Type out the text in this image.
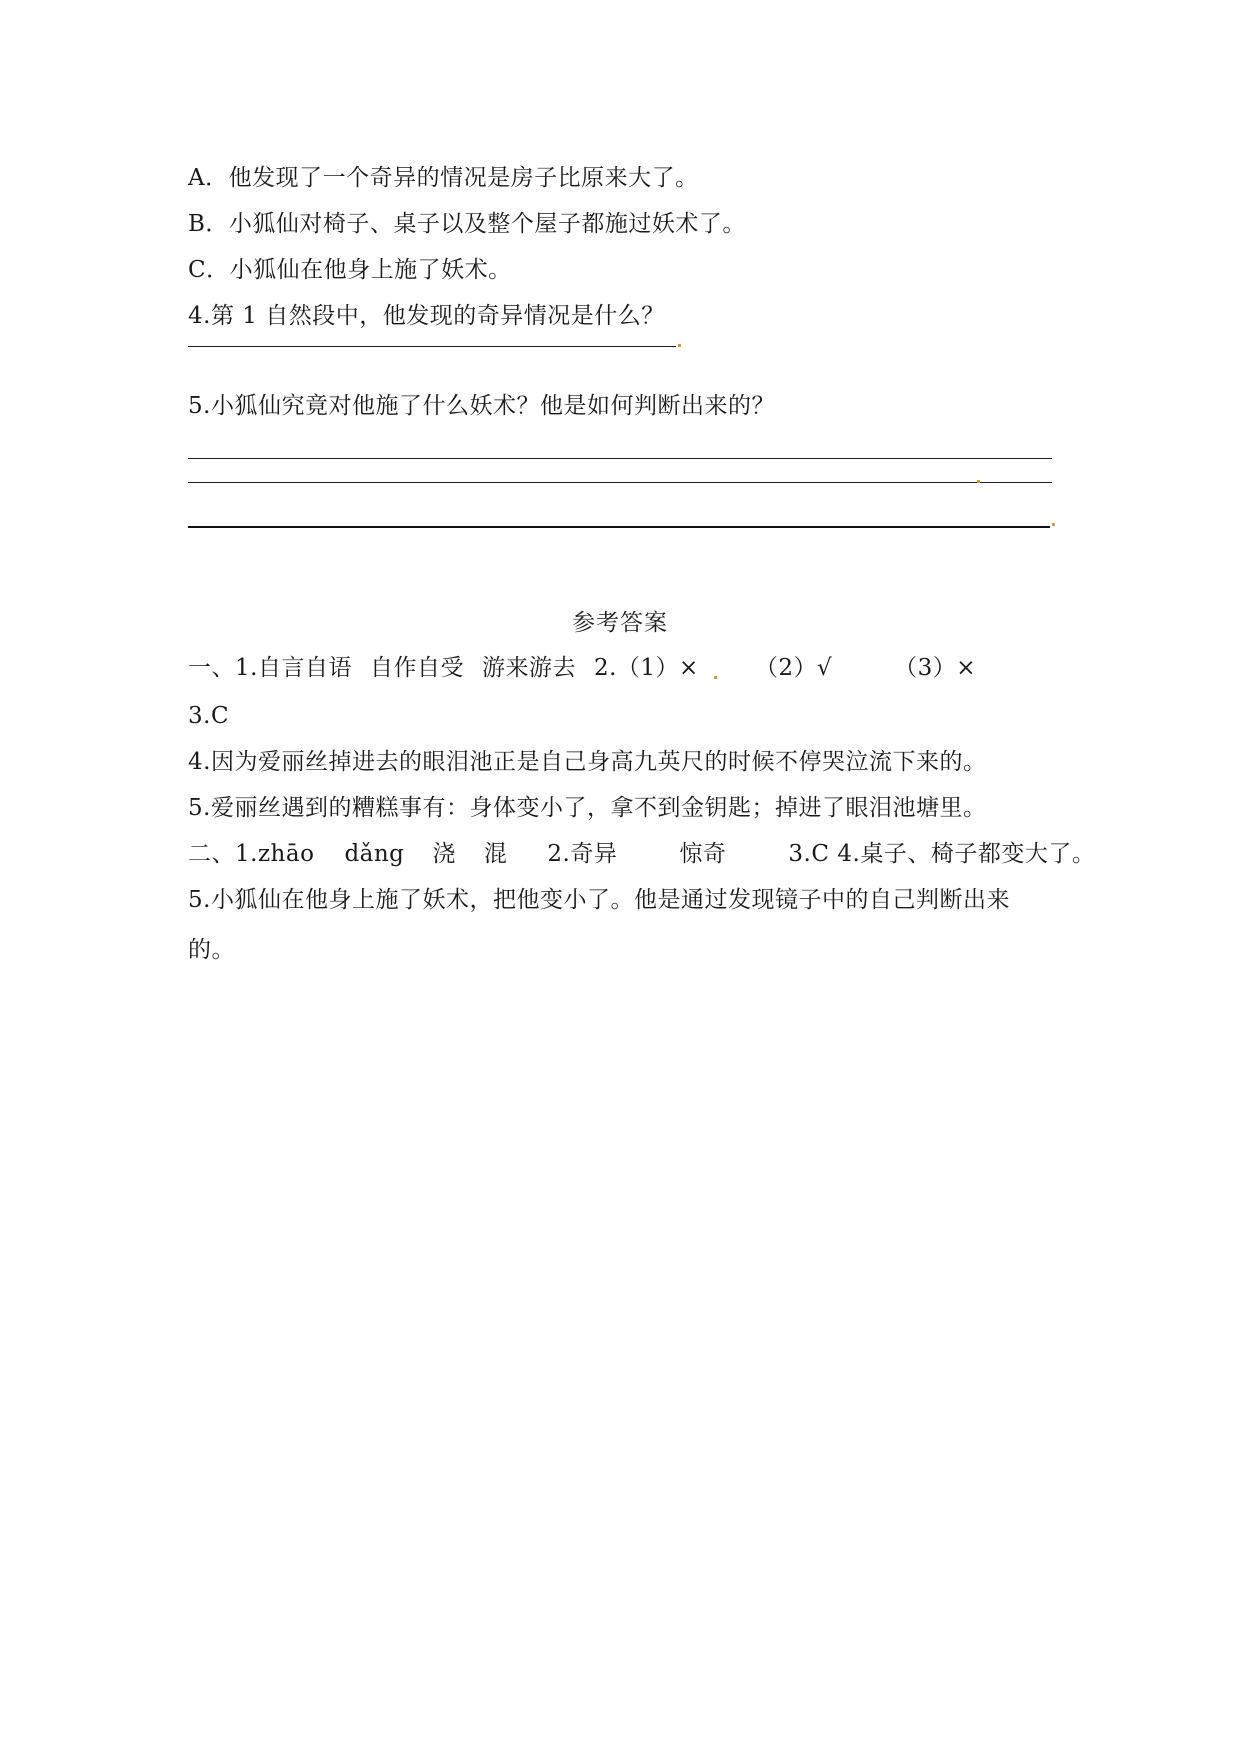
A．他发现了一个奇异的情况是房子比原来大了。
B．小狐仙对椅子、桌子以及整个屋子都施过妖术了。
C．小狐仙在他身上施了妖术。
4.第 1 自然段中，他发现的奇异情况是什么？
5.小狐仙究竟对他施了什么妖术？他是如何判断出来的？
参考答案
一、1.自言自语 自作自受 游来游去 2.（1）× （2）√	（3）×
3.C
4.因为爱丽丝掉进去的眼泪池正是自己身高九英尺的时候不停哭泣流下来的。
5.爱丽丝遇到的糟糕事有：身体变小了，拿不到金钥匙；掉进了眼泪池塘里。
二、1.zhāo dǎng 浇 混 2.奇异	惊奇	3.C 4.桌子、椅子都变大了。
5.小狐仙在他身上施了妖术，把他变小了。他是通过发现镜子中的自己判断出来
的。
